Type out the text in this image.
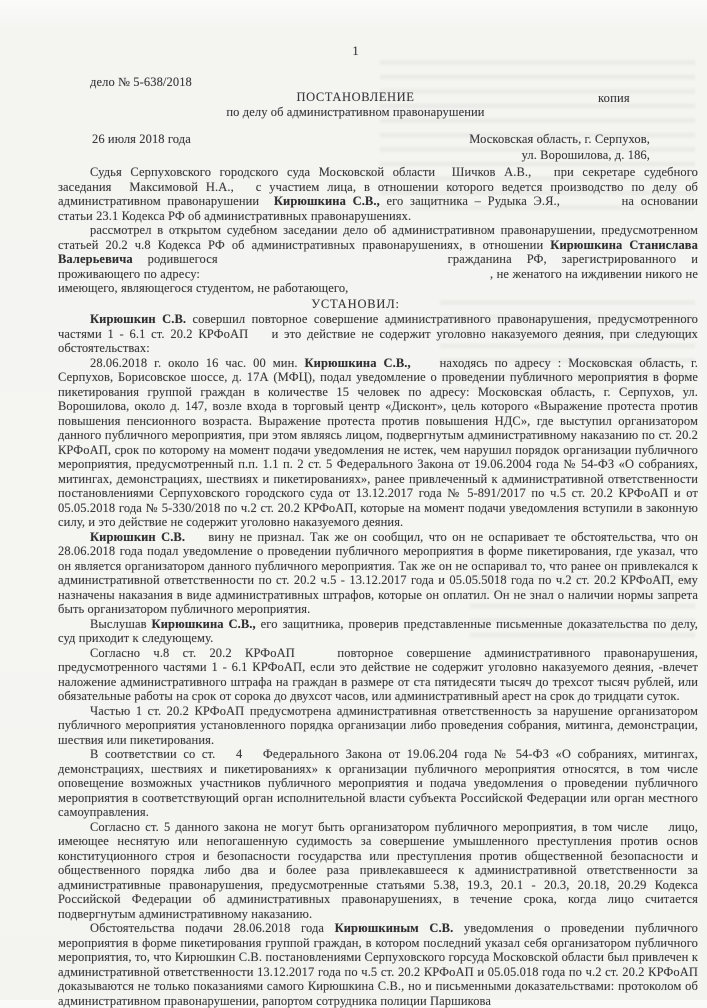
1
дело № 5-638/2018
ПОСТАНОВЛЕНИЕ	копия
по делу об административном правонарушении
26 июля 2018 года	Московская область, г. Серпухов,
ул. Ворошилова, д. 186,

Судья Серпуховского городского суда Московской области Шичков А.В., при секретаре судебного заседания Максимовой Н.А., с участием лица, в отношении которого ведется производство по делу об административном правонарушении Кирюшкина С.В., его защитника – Рудыка Э.Я.,	на основании статьи 23.1 Кодекса РФ об административных правонарушениях.

рассмотрел в открытом судебном заседании дело об административном правонарушении, предусмотренном статьей 20.2 ч.8 Кодекса РФ об административных правонарушениях, в отношении Кирюшкина Станислава Валерьевича родившегося	гражданина РФ, зарегистрированного и проживающего по адресу:	, не женатого на иждивении никого не имеющего, являющегося студентом, не работающего,

УСТАНОВИЛ:

Кирюшкин С.В. совершил повторное совершение административного правонарушения, предусмотренного частями 1 - 6.1 ст. 20.2 КРФоАП  и это действие не содержит уголовно наказуемого деяния, при следующих обстоятельствах:

28.06.2018 г. около 16 час. 00 мин. Кирюшкина С.В., находясь по адресу : Московская область, г. Серпухов, Борисовское шоссе, д. 17А (МФЦ), подал уведомление о проведении публичного мероприятия в форме пикетирования группой граждан в количестве 15 человек по адресу: Московская область, г. Серпухов, ул. Ворошилова, около д. 147, возле входа в торговый центр «Дисконт», цель которого «Выражение протеста против повышения пенсионного возраста. Выражение протеста против повышения НДС», где выступил организатором данного публичного мероприятия, при этом являясь лицом, подвергнутым административному наказанию по ст. 20.2 КРФоАП, срок по которому на момент подачи уведомления не истек, чем нарушил порядок организации публичного мероприятия, предусмотренный п.п. 1.1 п. 2 ст. 5 Федерального Закона от 19.06.2004 года № 54-ФЗ «О собраниях, митингах, демонстрациях, шествиях и пикетированиях», ранее привлеченный к административной ответственности постановлениями Серпуховского городского суда от 13.12.2017 года № 5-891/2017 по ч.5 ст. 20.2 КРФоАП и от 05.05.2018 года № 5-330/2018 по ч.2 ст. 20.2 КРФоАП, которые на момент подачи уведомления вступили в законную силу, и это действие не содержит уголовно наказуемого деяния.

Кирюшкин С.В. вину не признал. Так же он сообщил, что он не оспаривает те обстоятельства, что он 28.06.2018 года подал уведомление о проведении публичного мероприятия в форме пикетирования, где указал, что он является организатором данного публичного мероприятия. Так же он не оспаривал то, что ранее он привлекался к административной ответственности по ст. 20.2 ч.5 - 13.12.2017 года и 05.05.5018 года по ч.2 ст. 20.2 КРФоАП, ему назначены наказания в виде административных штрафов, которые он оплатил. Он не знал о наличии нормы запрета быть организатором публичного мероприятия.

Выслушав Кирюшкина С.В., его защитника, проверив представленные письменные доказательства по делу, суд приходит к следующему.

Согласно ч.8 ст. 20.2 КРФоАП  повторное совершение административного правонарушения, предусмотренного частями 1 - 6.1 КРФоАП, если это действие не содержит уголовно наказуемого деяния, -влечет наложение административного штрафа на граждан в размере от ста пятидесяти тысяч до трехсот тысяч рублей, или обязательные работы на срок от сорока до двухсот часов, или административный арест на срок до тридцати суток.

Частью 1 ст. 20.2 КРФоАП предусмотрена административная ответственность за нарушение организатором публичного мероприятия установленного порядка организации либо проведения собрания, митинга, демонстрации, шествия или пикетирования.

В соответствии со ст. 4 Федерального Закона от 19.06.204 года № 54-ФЗ «О собраниях, митингах, демонстрациях, шествиях и пикетированиях» к организации публичного мероприятия относятся, в том числе оповещение возможных участников публичного мероприятия и подача уведомления о проведении публичного мероприятия в соответствующий орган исполнительной власти субъекта Российской Федерации или орган местного самоуправления.

Согласно ст. 5 данного закона не могут быть организатором публичного мероприятия, в том числе  лицо, имеющее неснятую или непогашенную судимость за совершение умышленного преступления против основ конституционного строя и безопасности государства или преступления против общественной безопасности и общественного порядка либо два и более раза привлекавшееся к административной ответственности за административные правонарушения, предусмотренные статьями 5.38, 19.3, 20.1 - 20.3, 20.18, 20.29 Кодекса Российской Федерации об административных правонарушениях, в течение срока, когда лицо считается подвергнутым административному наказанию.

Обстоятельства подачи 28.06.2018 года Кирюшкиным С.В. уведомления о проведении публичного мероприятия в форме пикетирования группой граждан, в котором последний указал себя организатором публичного мероприятия, то, что Кирюшкин С.В. постановлениями Серпуховского горсуда Московской области был привлечен к административной ответственности 13.12.2017 года по ч.5 ст. 20.2 КРФоАП и 05.05.018 года по ч.2 ст. 20.2 КРФоАП доказываются не только показаниями самого Кирюшкина С.В., но и письменными доказательствами: протоколом об административном правонарушении, рапортом сотрудника полиции Паршикова
